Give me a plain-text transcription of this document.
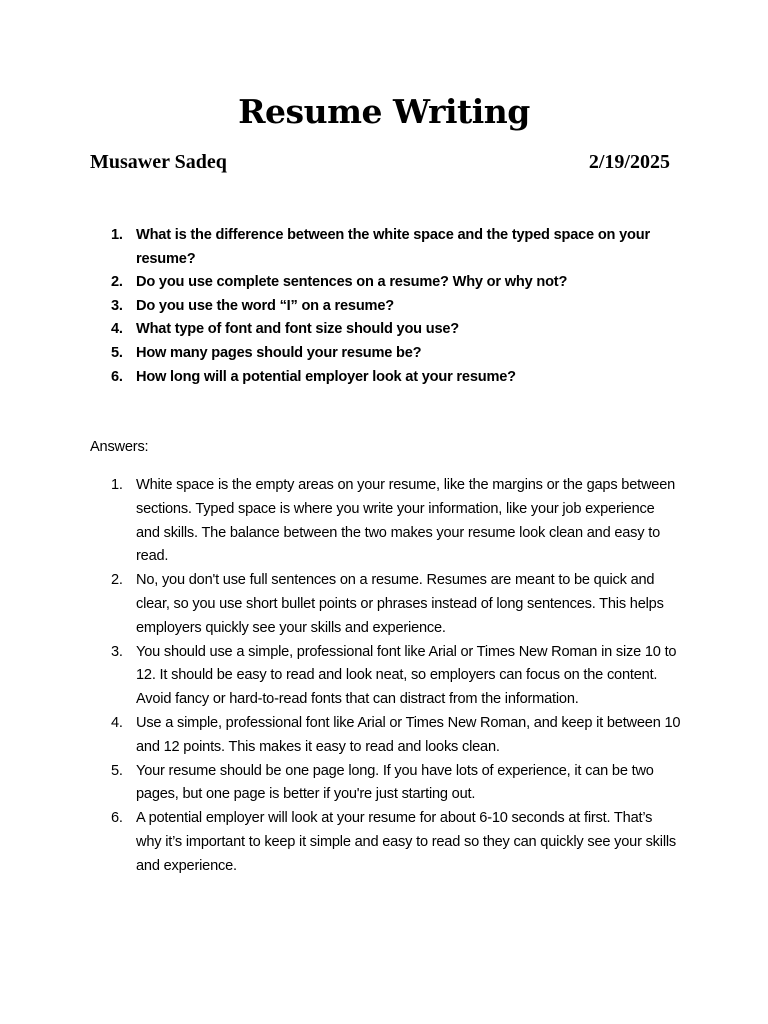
Resume Writing
Musawer Sadeq	2/19/2025
1. What is the difference between the white space and the typed space on your resume?
2. Do you use complete sentences on a resume? Why or why not?
3. Do you use the word “I” on a resume?
4. What type of font and font size should you use?
5. How many pages should your resume be?
6. How long will a potential employer look at your resume?
Answers:
1. White space is the empty areas on your resume, like the margins or the gaps between sections. Typed space is where you write your information, like your job experience and skills. The balance between the two makes your resume look clean and easy to read.
2. No, you don't use full sentences on a resume. Resumes are meant to be quick and clear, so you use short bullet points or phrases instead of long sentences. This helps employers quickly see your skills and experience.
3. You should use a simple, professional font like Arial or Times New Roman in size 10 to 12. It should be easy to read and look neat, so employers can focus on the content. Avoid fancy or hard-to-read fonts that can distract from the information.
4. Use a simple, professional font like Arial or Times New Roman, and keep it between 10 and 12 points. This makes it easy to read and looks clean.
5. Your resume should be one page long. If you have lots of experience, it can be two pages, but one page is better if you're just starting out.
6. A potential employer will look at your resume for about 6-10 seconds at first. That’s why it’s important to keep it simple and easy to read so they can quickly see your skills and experience.
